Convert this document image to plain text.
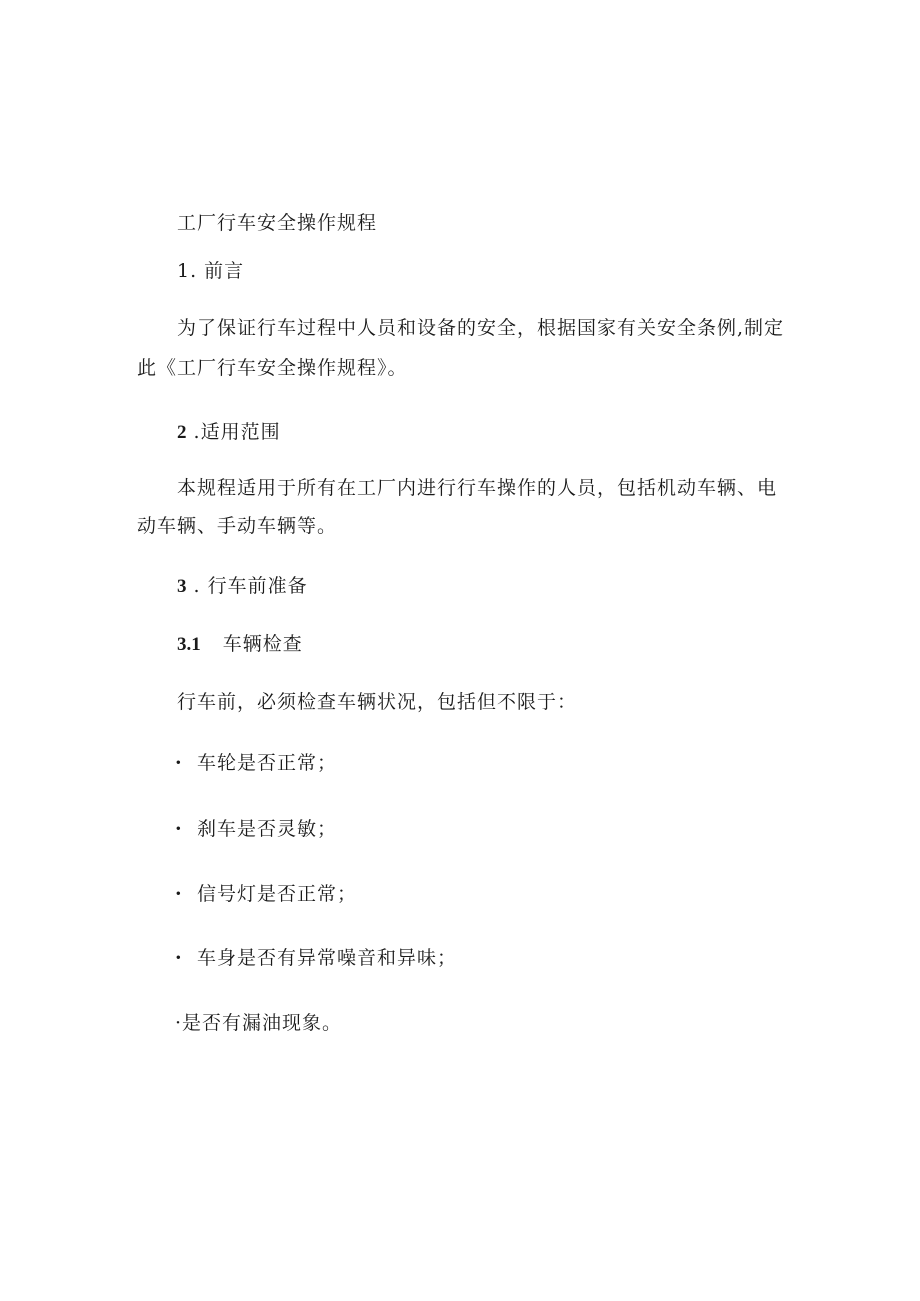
工厂行车安全操作规程
1. 前言
为了保证行车过程中人员和设备的安全，根据国家有关安全条例,制定
此《工厂行车安全操作规程》。
2 .适用范围
本规程适用于所有在工厂内进行行车操作的人员，包括机动车辆、电
动车辆、手动车辆等。
3 . 行车前准备
3.1 车辆检查
行车前，必须检查车辆状况，包括但不限于：
· 车轮是否正常；
· 刹车是否灵敏；
· 信号灯是否正常；
· 车身是否有异常噪音和异味；
·是否有漏油现象。
